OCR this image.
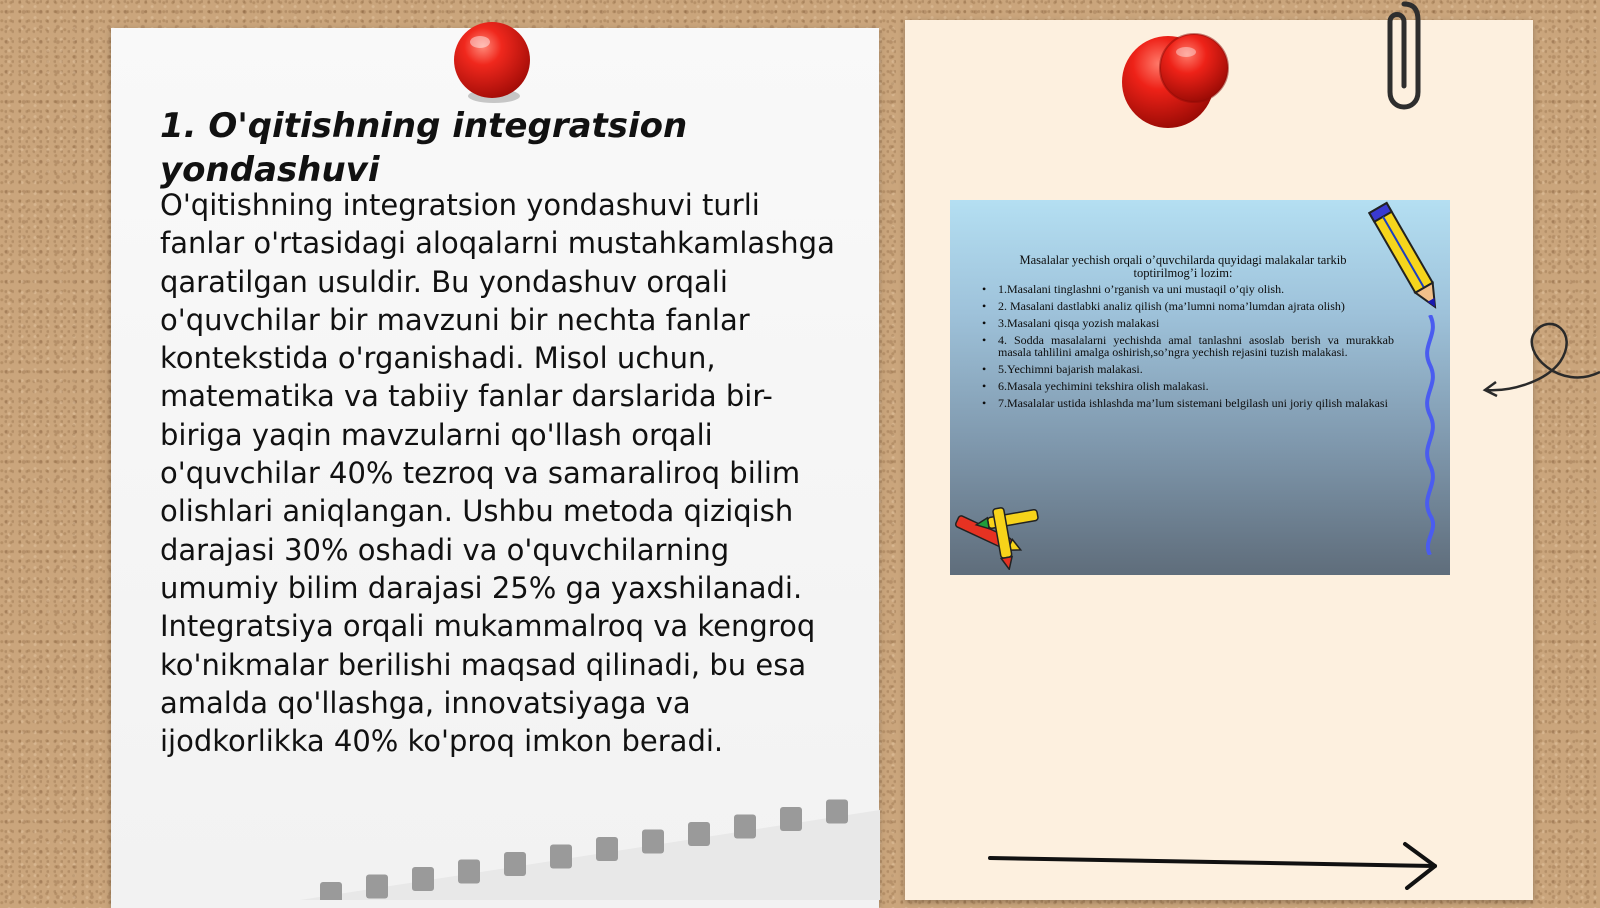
1. O'qitishning integratsion yondashuvi

O'qitishning integratsion yondashuvi turli fanlar o'rtasidagi aloqalarni mustahkamlashga qaratilgan usuldir. Bu yondashuv orqali o'quvchilar bir mavzuni bir nechta fanlar kontekstida o'rganishadi. Misol uchun, matematika va tabiiy fanlar darslarida bir-biriga yaqin mavzularni qo'llash orqali o'quvchilar 40% tezroq va samaraliroq bilim olishlari aniqlangan. Ushbu metoda qiziqish darajasi 30% oshadi va o'quvchilarning umumiy bilim darajasi 25% ga yaxshilanadi. Integratsiya orqali mukammalroq va kengroq ko'nikmalar berilishi maqsad qilinadi, bu esa amalda qo'llashga, innovatsiyaga va ijodkorlikka 40% ko'proq imkon beradi.

Masalalar yechish orqali o’quvchilarda quyidagi malakalar tarkib toptirilmog’i lozim:
• 1.Masalani tinglashni o’rganish va uni mustaqil o’qiy olish.
• 2. Masalani dastlabki analiz qilish (ma’lumni noma’lumdan ajrata olish)
• 3.Masalani qisqa yozish malakasi
• 4. Sodda masalalarni yechishda amal tanlashni asoslab berish va murakkab masala tahlilini amalga oshirish,so’ngra yechish rejasini tuzish malakasi.
• 5.Yechimni bajarish malakasi.
• 6.Masala yechimini tekshira olish malakasi.
• 7.Masalalar ustida ishlashda ma’lum sistemani belgilash uni joriy qilish malakasi
